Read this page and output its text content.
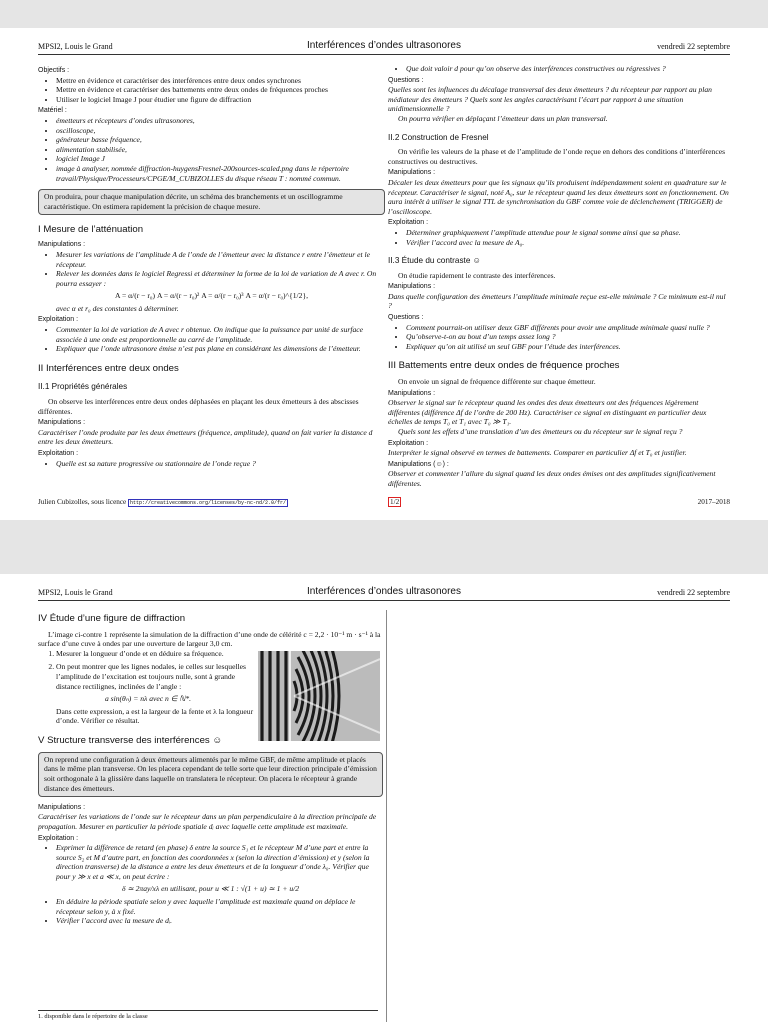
MPSI2, Louis le Grand	Interférences d’ondes ultrasonores	vendredi 22 septembre
Objectifs :
• Mettre en évidence et caractériser des interférences entre deux ondes synchrones
• Mettre en évidence et caractériser des battements entre deux ondes de fréquences proches
• Utiliser le logiciel Image J pour étudier une figure de diffraction
Matériel :
• émetteurs et récepteurs d’ondes ultrasonores,
• oscilloscope,
• générateur basse fréquence,
• alimentation stabilisée,
• logiciel Image J
• image à analyser, nommée diffraction-huygensFresnel-200sources-scaled.png dans le répertoire travail/Physique/Processeurs/CPGE/M_CUBIZOLLES du disque réseau T : nommé commun.
On produira, pour chaque manipulation décrite, un schéma des branchements et un oscillogramme caractéristique. On estimera rapidement la précision de chaque mesure.
I Mesure de l’atténuation
Manipulations :
• Mesurer les variations de l’amplitude A de l’onde de l’émetteur avec la distance r entre l’émetteur et le récepteur.
• Relever les données dans le logiciel Regressi et déterminer la forme de la loi de variation de A avec r. On pourra essayer :
A = α/(r − r₀) A = α/(r − r₀)² A = α/(r − r₀)³ A = α/(r − r₀)^{1/2},

avec α et r₀ des constantes à déterminer.

Exploitation :
• Commenter la loi de variation de A avec r obtenue. On indique que la puissance par unité de surface associée à une onde est proportionnelle au carré de l’amplitude.
• Expliquer que l’onde ultrasonore émise n’est pas plane en considérant les dimensions de l’émetteur.
II Interférences entre deux ondes
II.1 Propriétés générales

On observe les interférences entre deux ondes déphasées en plaçant les deux émetteurs à des abscisses différentes.

Manipulations :

Caractériser l’onde produite par les deux émetteurs (fréquence, amplitude), quand on fait varier la distance d entre les deux émetteurs.

Exploitation :
• Quelle est sa nature progressive ou stationnaire de l’onde reçue ?
• Que doit valoir d pour qu’on observe des interférences constructives ou régressives ?
Questions :

Quelles sont les influences du décalage transversal des deux émetteurs ? du récepteur par rapport au plan médiateur des émetteurs ? Quels sont les angles caractérisant l’écart par rapport à une situation unidimensionnelle ?

On pourra vérifier en déplaçant l’émetteur dans un plan transversal.

II.2 Construction de Fresnel

On vérifie les valeurs de la phase et de l’amplitude de l’onde reçue en dehors des conditions d’interférences constructives ou destructives.

Manipulations :

Décaler les deux émetteurs pour que les signaux qu’ils produisent indépendamment soient en quadrature sur le récepteur. Caractériser le signal, noté A₀, sur le récepteur quand les deux émetteurs sont en fonctionnement. On aura intérêt à utiliser le signal TTL de synchronisation du GBF comme voie de déclenchement (TRIGGER) de l’oscilloscope.

Exploitation :
• Déterminer graphiquement l’amplitude attendue pour le signal somme ainsi que sa phase.
• Vérifier l’accord avec la mesure de A₀.
II.3 Étude du contraste ☺

On étudie rapidement le contraste des interférences.

Manipulations :

Dans quelle configuration des émetteurs l’amplitude minimale reçue est-elle minimale ? Ce minimum est-il nul ?

Questions :
• Comment pourrait-on utiliser deux GBF différents pour avoir une amplitude minimale quasi nulle ?
• Qu’observe-t-on au bout d’un temps assez long ?
• Expliquer qu’on ait utilisé un seul GBF pour l’étude des interférences.
III Battements entre deux ondes de fréquence proches

On envoie un signal de fréquence différente sur chaque émetteur.

Manipulations :

Observer le signal sur le récepteur quand les ondes des deux émetteurs ont des fréquences légèrement différentes (différence Δf de l’ordre de 200 Hz). Caractériser ce signal en distinguant en particulier deux échelles de temps T₀ et T₁ avec T₀ ≫ T₁.

Quels sont les effets d’une translation d’un des émetteurs ou du récepteur sur le signal reçu ?

Exploitation :

Interpréter le signal observé en termes de battements. Comparer en particulier Δf et T₀ et justifier.

Manipulations (☺) :

Observer et commenter l’allure du signal quand les deux ondes émises ont des amplitudes significativement différentes.

Julien Cubizolles, sous licence http://creativecommons.org/licenses/by-nc-nd/2.0/fr/	1/2	2017–2018
MPSI2, Louis le Grand	Interférences d’ondes ultrasonores	vendredi 22 septembre
IV Étude d’une figure de diffraction

L’image ci-contre 1 représente la simulation de la diffraction d’une onde de célérité c = 2,2 · 10⁻¹ m · s⁻¹ à la surface d’une cuve à ondes par une ouverture de largeur 3,0 cm.

1. Mesurer la longueur d’onde et en déduire sa fréquence.
2. On peut montrer que les lignes nodales, ie celles sur lesquelles l’amplitude de l’excitation est toujours nulle, sont à grande distance rectilignes, inclinées de l’angle :
a sin(θₙ) = nλ avec n ∈ ℕ*.

Dans cette expression, a est la largeur de la fente et λ la longueur d’onde. Vérifier ce résultat.

V Structure transverse des interférences ☺
On reprend une configuration à deux émetteurs alimentés par le même GBF, de même amplitude et placés dans le même plan transverse. On les placera cependant de telle sorte que leur direction principale d’émission soit orthogonale à la glissière dans laquelle on translatera le récepteur. On placera le récepteur à grande distance des émetteurs.
Manipulations :

Caractériser les variations de l’onde sur le récepteur dans un plan perpendiculaire à la direction principale de propagation. Mesurer en particulier la période spatiale dᵢ avec laquelle cette amplitude est maximale.

Exploitation :
• Exprimer la différence de retard (en phase) δ entre la source S₁ et le récepteur M d’une part et entre la source S₂ et M d’autre part, en fonction des coordonnées x (selon la direction d’émission) et y (selon la direction transverse) de la distance a entre les deux émetteurs et de la longueur d’onde λ₀. Vérifier que pour y ≫ x et a ≪ x, on peut écrire :
δ ≃ 2πay/xλ en utilisant, pour u ≪ 1 : √(1 + u) ≃ 1 + u/2
• En déduire la période spatiale selon y avec laquelle l’amplitude est maximale quand on déplace le récepteur selon y, à x fixé.
• Vérifier l’accord avec la mesure de dᵢ.
1. disponible dans le répertoire de la classe
